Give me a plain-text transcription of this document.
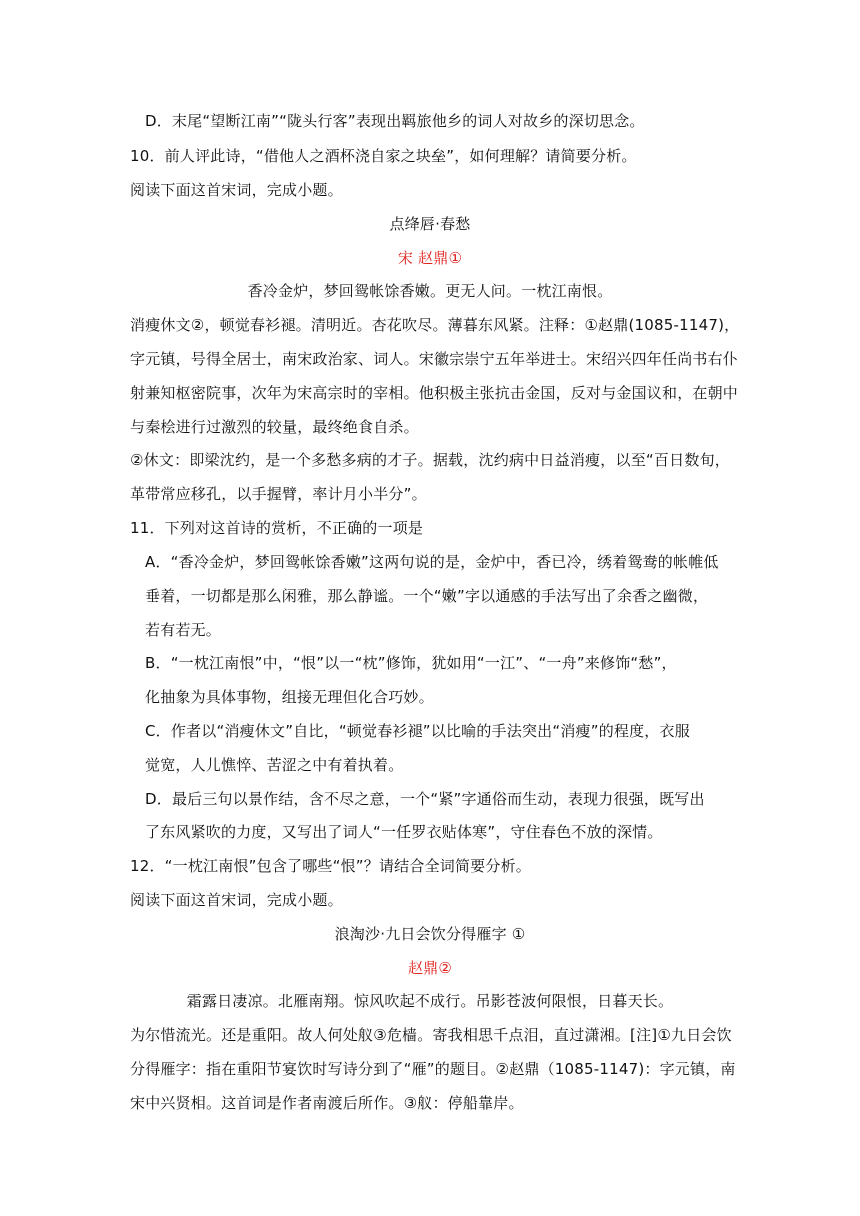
D．末尾“望断江南”“陇头行客”表现出羁旅他乡的词人对故乡的深切思念。
10．前人评此诗，“借他人之酒杯浇自家之块垒”，如何理解？请简要分析。
阅读下面这首宋词，完成小题。
点绛唇·春愁
宋 赵鼎①
香冷金炉，梦回鸳帐馀香嫩。更无人问。一枕江南恨。
消瘦休文②，顿觉春衫褪。清明近。杏花吹尽。薄暮东风紧。注释：①赵鼎(1085-1147)，
字元镇，号得全居士，南宋政治家、词人。宋徽宗崇宁五年举进士。宋绍兴四年任尚书右仆
射兼知枢密院事，次年为宋高宗时的宰相。他积极主张抗击金国，反对与金国议和，在朝中
与秦桧进行过激烈的较量，最终绝食自杀。
②休文：即梁沈约，是一个多愁多病的才子。据载，沈约病中日益消瘦，以至“百日数旬，
革带常应移孔，以手握臂，率计月小半分”。
11．下列对这首诗的赏析，不正确的一项是
A．“香冷金炉，梦回鸳帐馀香嫩”这两句说的是，金炉中，香已冷，绣着鸳鸯的帐帷低
垂着，一切都是那么闲雅，那么静谧。一个“嫩”字以通感的手法写出了余香之幽微，
若有若无。
B．“一枕江南恨”中，“恨”以一“枕”修饰，犹如用“一江”、“一舟”来修饰“愁”，
化抽象为具体事物，组接无理但化合巧妙。
C．作者以“消瘦休文”自比，“顿觉春衫褪”以比喻的手法突出“消瘦”的程度，衣服
觉宽，人儿憔悴、苦涩之中有着执着。
D．最后三句以景作结，含不尽之意，一个“紧”字通俗而生动，表现力很强，既写出
了东风紧吹的力度，又写出了词人“一任罗衣贴体寒”，守住春色不放的深情。
12．“一枕江南恨”包含了哪些“恨”？请结合全词简要分析。
阅读下面这首宋词，完成小题。
浪淘沙·九日会饮分得雁字 ①
赵鼎②
霜露日凄凉。北雁南翔。惊风吹起不成行。吊影苍波何限恨，日暮天长。
为尔惜流光。还是重阳。故人何处舣③危樯。寄我相思千点泪，直过潇湘。[注]①九日会饮
分得雁字：指在重阳节宴饮时写诗分到了“雁”的题目。②赵鼎（1085-1147)：字元镇，南
宋中兴贤相。这首词是作者南渡后所作。③舣：停船靠岸。
